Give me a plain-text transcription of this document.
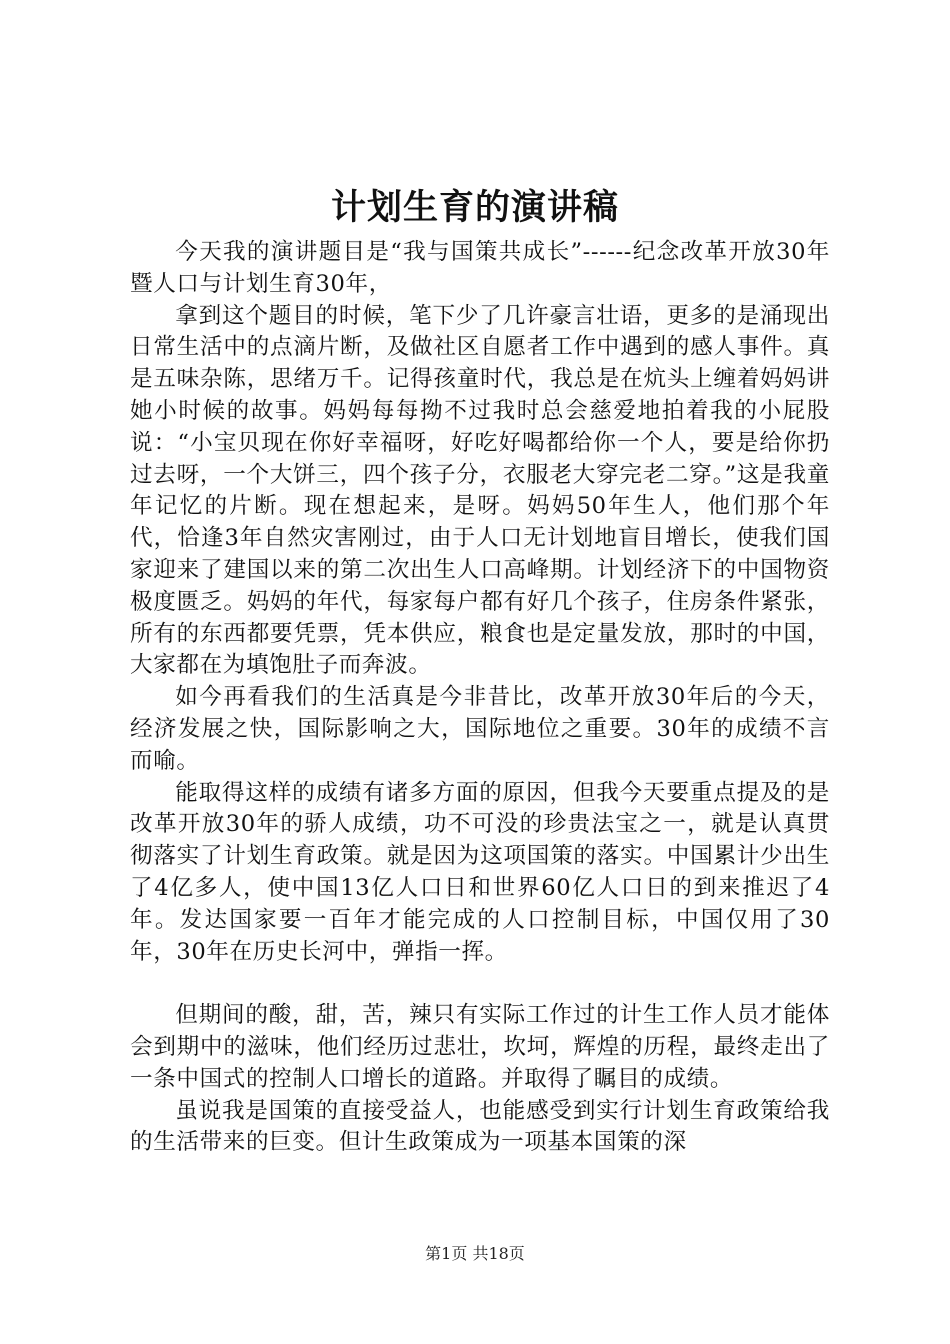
计划生育的演讲稿

今天我的演讲题目是“我与国策共成长”------纪念改革开放30年暨人口与计划生育30年，

拿到这个题目的时候，笔下少了几许豪言壮语，更多的是涌现出日常生活中的点滴片断，及做社区自愿者工作中遇到的感人事件。真是五味杂陈，思绪万千。记得孩童时代，我总是在炕头上缠着妈妈讲她小时候的故事。妈妈每每拗不过我时总会慈爱地拍着我的小屁股说：“小宝贝现在你好幸福呀，好吃好喝都给你一个人，要是给你扔过去呀，一个大饼三，四个孩子分，衣服老大穿完老二穿。”这是我童年记忆的片断。现在想起来，是呀。妈妈50年生人，他们那个年代，恰逢3年自然灾害刚过，由于人口无计划地盲目增长，使我们国家迎来了建国以来的第二次出生人口高峰期。计划经济下的中国物资极度匮乏。妈妈的年代，每家每户都有好几个孩子，住房条件紧张，所有的东西都要凭票，凭本供应，粮食也是定量发放，那时的中国，大家都在为填饱肚子而奔波。

如今再看我们的生活真是今非昔比，改革开放30年后的今天，经济发展之快，国际影响之大，国际地位之重要。30年的成绩不言而喻。

能取得这样的成绩有诸多方面的原因，但我今天要重点提及的是改革开放30年的骄人成绩，功不可没的珍贵法宝之一，就是认真贯彻落实了计划生育政策。就是因为这项国策的落实。中国累计少出生了4亿多人，使中国13亿人口日和世界60亿人口日的到来推迟了4年。发达国家要一百年才能完成的人口控制目标，中国仅用了30年，30年在历史长河中，弹指一挥。

但期间的酸，甜，苦，辣只有实际工作过的计生工作人员才能体会到期中的滋味，他们经历过悲壮，坎坷，辉煌的历程，最终走出了一条中国式的控制人口增长的道路。并取得了瞩目的成绩。

虽说我是国策的直接受益人，也能感受到实行计划生育政策给我的生活带来的巨变。但计生政策成为一项基本国策的深

第1页 共18页
